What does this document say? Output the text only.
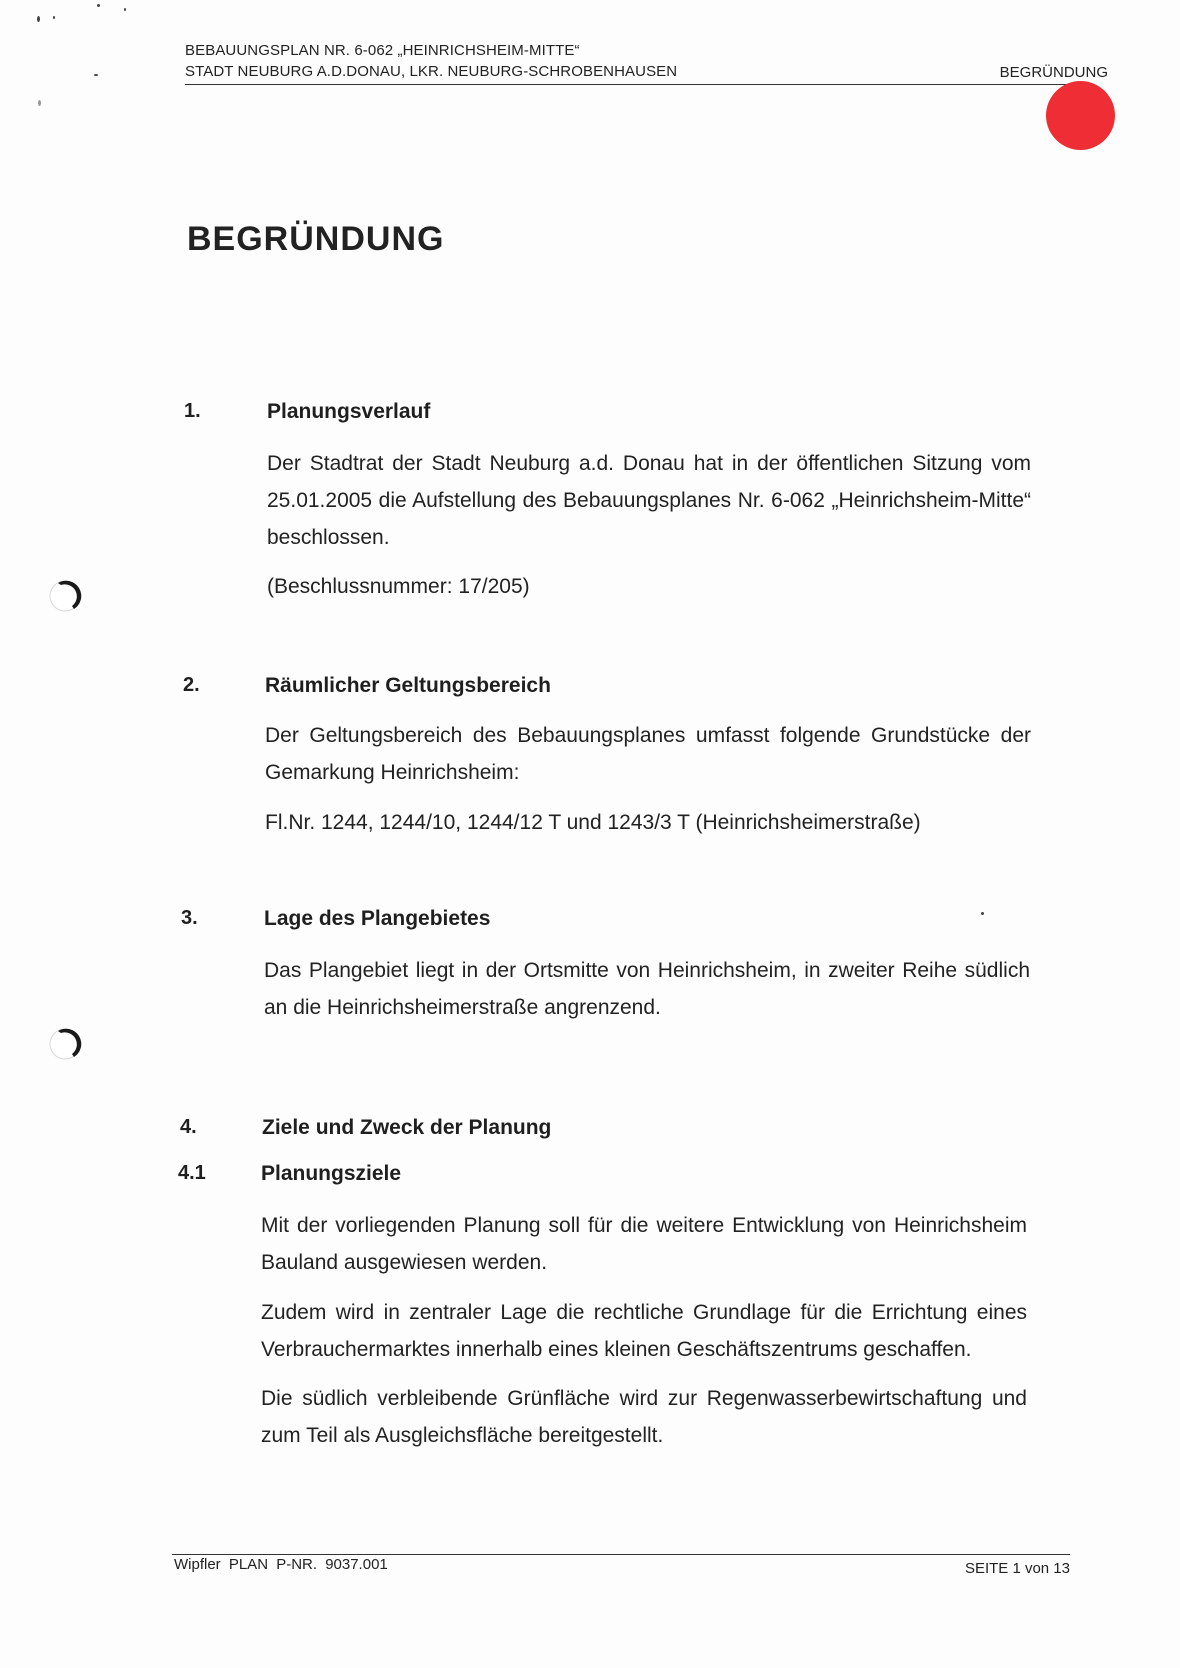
BEBAUUNGSPLAN NR. 6-062 „HEINRICHSHEIM-MITTE“
STADT NEUBURG A.D.DONAU, LKR. NEUBURG-SCHROBENHAUSEN	BEGRÜNDUNG
BEGRÜNDUNG
1.	Planungsverlauf
Der Stadtrat der Stadt Neuburg a.d. Donau hat in der öffentlichen Sitzung vom 25.01.2005 die Aufstellung des Bebauungsplanes Nr. 6-062 „Heinrichsheim-Mitte“ beschlossen.
(Beschlussnummer: 17/205)
2.	Räumlicher Geltungsbereich
Der Geltungsbereich des Bebauungsplanes umfasst folgende Grundstücke der Gemarkung Heinrichsheim:
Fl.Nr. 1244, 1244/10, 1244/12 T und 1243/3 T (Heinrichsheimerstraße)
3.	Lage des Plangebietes
Das Plangebiet liegt in der Ortsmitte von Heinrichsheim, in zweiter Reihe südlich an die Heinrichsheimerstraße angrenzend.
4.	Ziele und Zweck der Planung
4.1	Planungsziele
Mit der vorliegenden Planung soll für die weitere Entwicklung von Heinrichsheim Bauland ausgewiesen werden.
Zudem wird in zentraler Lage die rechtliche Grundlage für die Errichtung eines Verbrauchermarktes innerhalb eines kleinen Geschäftszentrums geschaffen.
Die südlich verbleibende Grünfläche wird zur Regenwasserbewirtschaftung und zum Teil als Ausgleichsfläche bereitgestellt.
Wipfler PLAN P-NR. 9037.001	SEITE 1 von 13
